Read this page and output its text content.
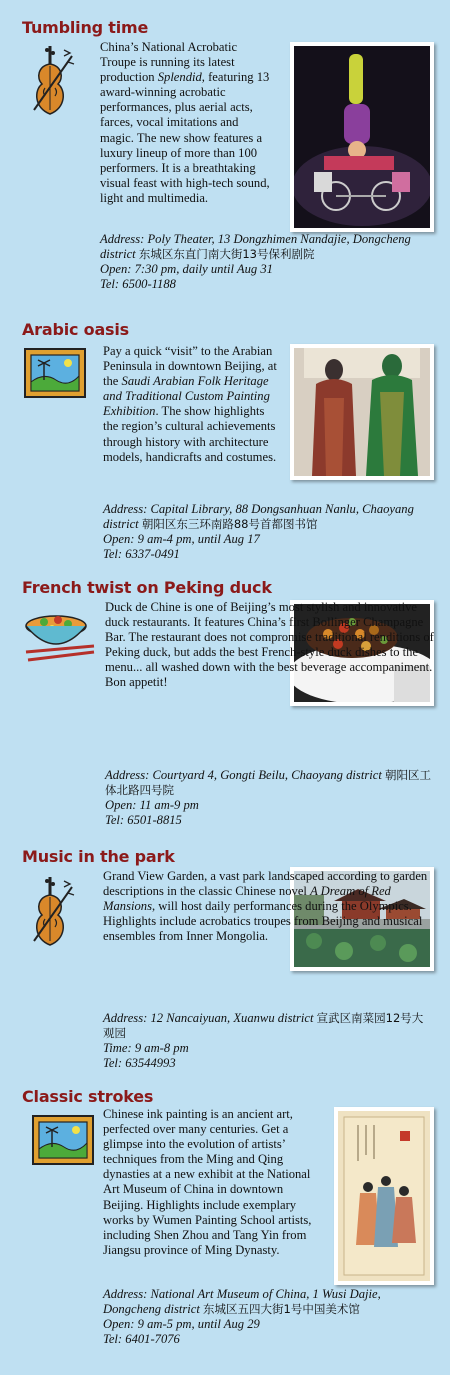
Tumbling time

China’s National Acrobatic Troupe is running its latest production Splendid, featuring 13 award-winning acrobatic performances, plus aerial acts, farces, vocal imitations and magic. The new show features a luxury lineup of more than 100 performers. It is a breathtaking visual feast with high-tech sound, light and multimedia.

Address: Poly Theater, 13 Dongzhimen Nandajie, Dongcheng district 东城区东直门南大街13号保利剧院

Open: 7:30 pm, daily until Aug 31

Tel: 6500-1188

Arabic oasis

Pay a quick “visit” to the Arabian Peninsula in downtown Beijing, at the Saudi Arabian Folk Heritage and Traditional Custom Painting Exhibition. The show highlights the region’s cultural achievements through history with architecture models, handicrafts and costumes.

Address: Capital Library, 88 Dongsanhuan Nanlu, Chaoyang district 朝阳区东三环南路88号首都图书馆

Open: 9 am-4 pm, until Aug 17

Tel: 6337-0491

French twist on Peking duck

Duck de Chine is one of Beijing’s most stylish and innovative duck restaurants. It features China’s first Bollinger Champagne Bar. The restaurant does not compromise traditional renditions of Peking duck, but adds the best French-style duck dishes to the menu... all washed down with the best beverage accompaniment. Bon appetit!

Address: Courtyard 4, Gongti Beilu, Chaoyang district 朝阳区工体北路四号院

Open: 11 am-9 pm

Tel: 6501-8815

Music in the park

Grand View Garden, a vast park landscaped according to garden descriptions in the classic Chinese novel A Dream of Red Mansions, will host daily performances during the Olympics. Highlights include acrobatics troupes from Beijing and musical ensembles from Inner Mongolia.

Address: 12 Nancaiyuan, Xuanwu district 宣武区南菜园12号大观园

Time: 9 am-8 pm

Tel: 63544993

Classic strokes

Chinese ink painting is an ancient art, perfected over many centuries. Get a glimpse into the evolution of artists’ techniques from the Ming and Qing dynasties at a new exhibit at the National Art Museum of China in downtown Beijing. Highlights include exemplary works by Wumen Painting School artists, including Shen Zhou and Tang Yin from Jiangsu province of Ming Dynasty.

Address: National Art Museum of China, 1 Wusi Dajie, Dongcheng district 东城区五四大街1号中国美术馆

Open: 9 am-5 pm, until Aug 29

Tel: 6401-7076
